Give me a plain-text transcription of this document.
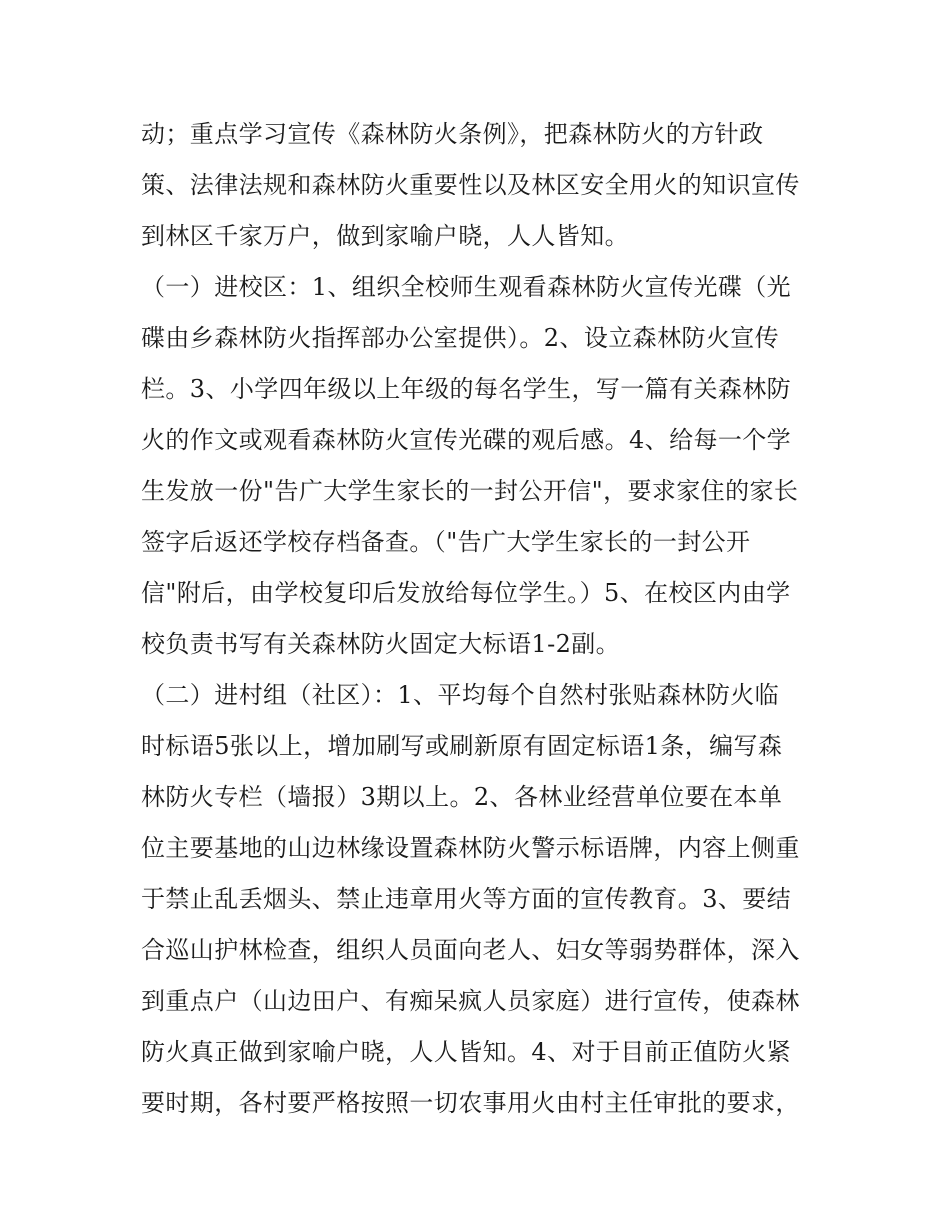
动；重点学习宣传《森林防火条例》，把森林防火的方针政
策、法律法规和森林防火重要性以及林区安全用火的知识宣传
到林区千家万户，做到家喻户晓，人人皆知。
（一）进校区：1、组织全校师生观看森林防火宣传光碟（光
碟由乡森林防火指挥部办公室提供）。2、设立森林防火宣传
栏。3、小学四年级以上年级的每名学生，写一篇有关森林防
火的作文或观看森林防火宣传光碟的观后感。4、给每一个学
生发放一份"告广大学生家长的一封公开信"，要求家住的家长
签字后返还学校存档备查。（"告广大学生家长的一封公开
信"附后，由学校复印后发放给每位学生。）5、在校区内由学
校负责书写有关森林防火固定大标语1-2副。
（二）进村组（社区）：1、平均每个自然村张贴森林防火临
时标语5张以上，增加刷写或刷新原有固定标语1条，编写森
林防火专栏（墙报）3期以上。2、各林业经营单位要在本单
位主要基地的山边林缘设置森林防火警示标语牌，内容上侧重
于禁止乱丢烟头、禁止违章用火等方面的宣传教育。3、要结
合巡山护林检查，组织人员面向老人、妇女等弱势群体，深入
到重点户（山边田户、有痴呆疯人员家庭）进行宣传，使森林
防火真正做到家喻户晓，人人皆知。4、对于目前正值防火紧
要时期，各村要严格按照一切农事用火由村主任审批的要求，
